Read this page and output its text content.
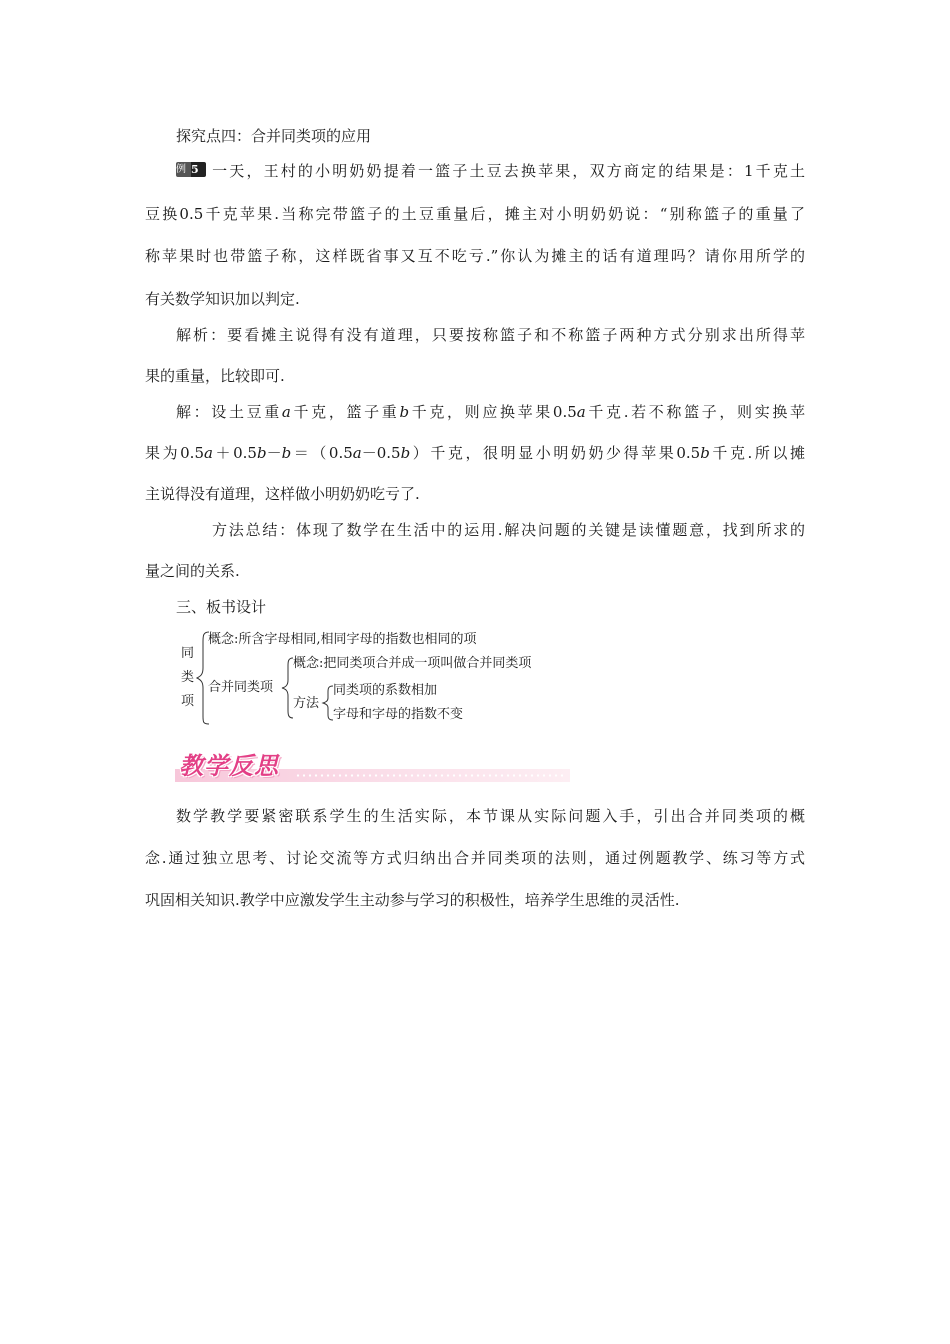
探究点四：合并同类项的应用
例 5 一天，王村的小明奶奶提着一篮子土豆去换苹果，双方商定的结果是：1千克土
豆换0.5千克苹果.当称完带篮子的土豆重量后，摊主对小明奶奶说：“别称篮子的重量了
称苹果时也带篮子称，这样既省事又互不吃亏.”你认为摊主的话有道理吗？请你用所学的
有关数学知识加以判定.
解析：要看摊主说得有没有道理，只要按称篮子和不称篮子两种方式分别求出所得苹
果的重量，比较即可.
解：设土豆重a千克，篮子重b千克，则应换苹果0.5a千克.若不称篮子，则实换苹
果为0.5a＋0.5b－b＝（0.5a－0.5b）千克，很明显小明奶奶少得苹果0.5b千克.所以摊
主说得没有道理，这样做小明奶奶吃亏了.
方法总结：体现了数学在生活中的运用.解决问题的关键是读懂题意，找到所求的
量之间的关系.
三、板书设计
同
类
项
概念:所含字母相同,相同字母的指数也相同的项
合并同类项
概念:把同类项合并成一项叫做合并同类项
方法
同类项的系数相加
字母和字母的指数不变
教学反思
数学教学要紧密联系学生的生活实际，本节课从实际问题入手，引出合并同类项的概
念.通过独立思考、讨论交流等方式归纳出合并同类项的法则，通过例题教学、练习等方式
巩固相关知识.教学中应激发学生主动参与学习的积极性，培养学生思维的灵活性.
